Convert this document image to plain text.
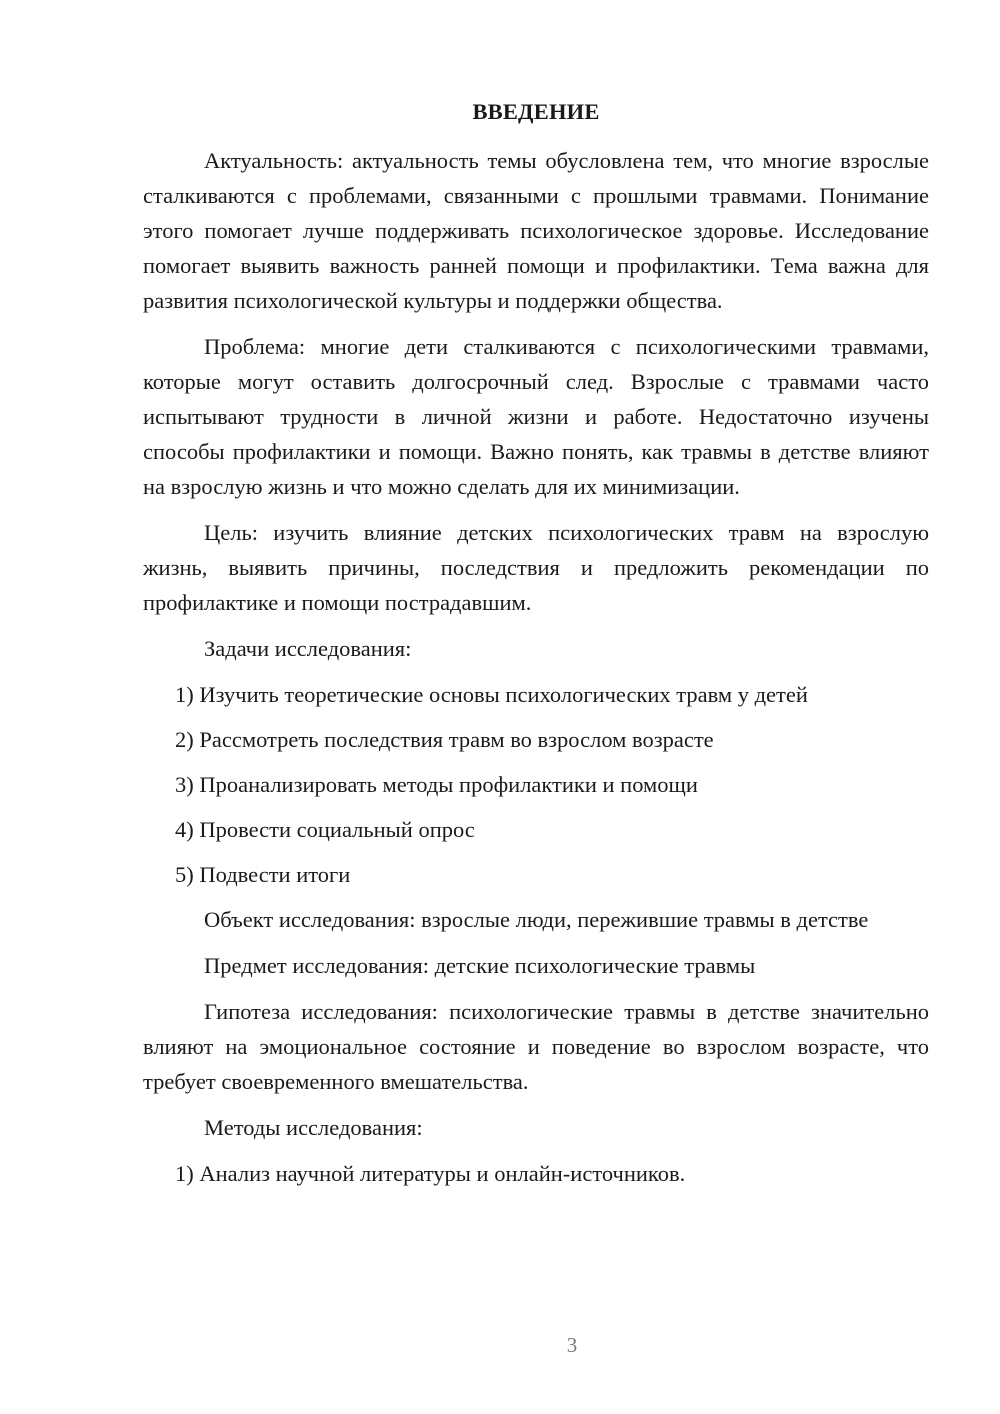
ВВЕДЕНИЕ

Актуальность: актуальность темы обусловлена тем, что многие взрослые сталкиваются с проблемами, связанными с прошлыми травмами. Понимание этого помогает лучше поддерживать психологическое здоровье. Исследование помогает выявить важность ранней помощи и профилактики. Тема важна для развития психологической культуры и поддержки общества.

Проблема: многие дети сталкиваются с психологическими травмами, которые могут оставить долгосрочный след. Взрослые с травмами часто испытывают трудности в личной жизни и работе. Недостаточно изучены способы профилактики и помощи. Важно понять, как травмы в детстве влияют на взрослую жизнь и что можно сделать для их минимизации.

Цель: изучить влияние детских психологических травм на взрослую жизнь, выявить причины, последствия и предложить рекомендации по профилактике и помощи пострадавшим.

Задачи исследования:

1) Изучить теоретические основы психологических травм у детей

2) Рассмотреть последствия травм во взрослом возрасте

3) Проанализировать методы профилактики и помощи

4) Провести социальный опрос

5) Подвести итоги

Объект исследования: взрослые люди, пережившие травмы в детстве

Предмет исследования: детские психологические травмы

Гипотеза исследования: психологические травмы в детстве значительно влияют на эмоциональное состояние и поведение во взрослом возрасте, что требует своевременного вмешательства.

Методы исследования:

1) Анализ научной литературы и онлайн-источников.

3
